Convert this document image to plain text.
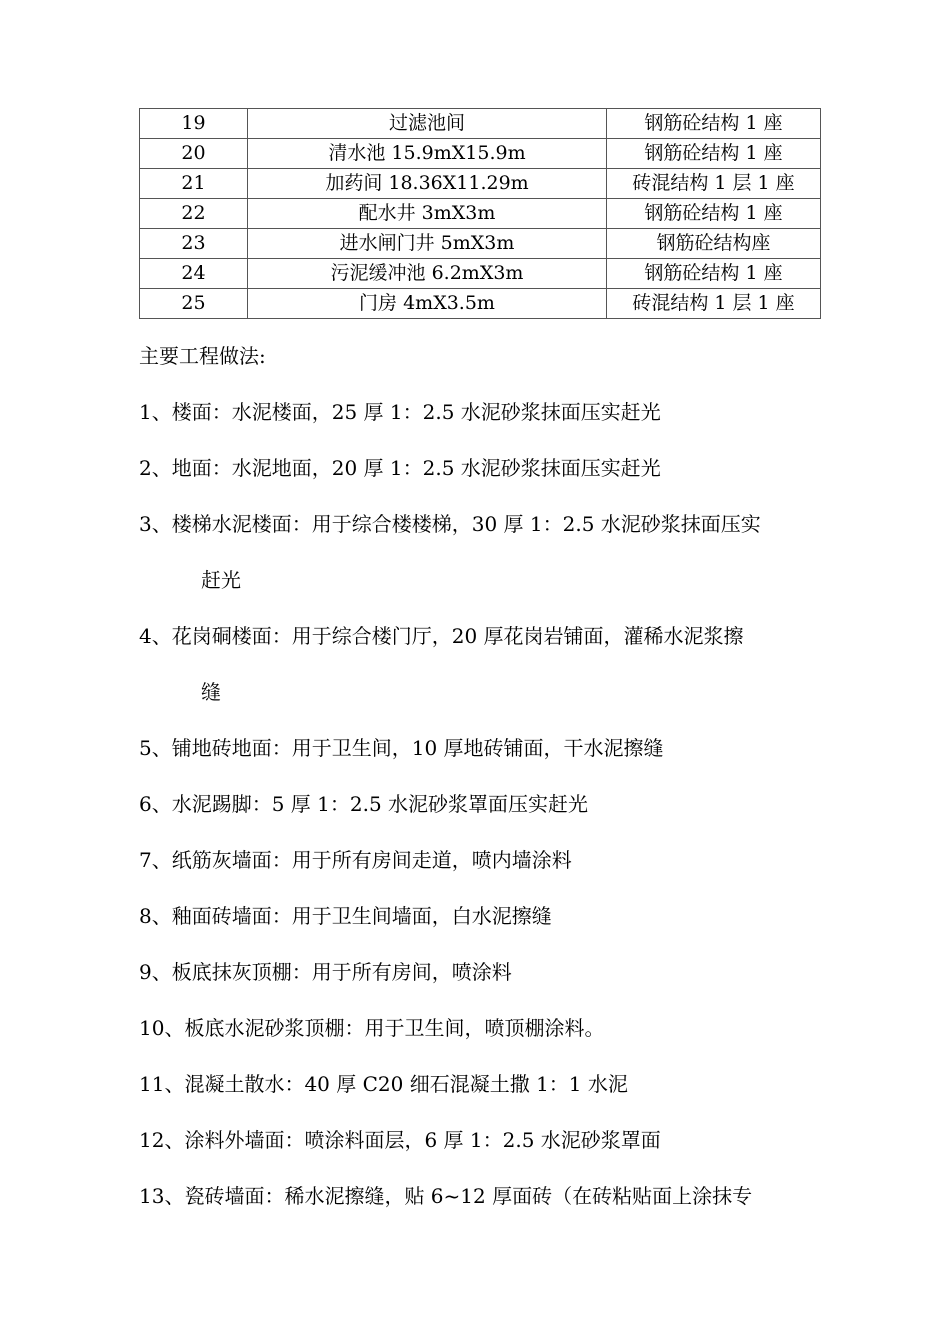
19	过滤池间	钢筋砼结构 1 座
20	清水池 15.9mX15.9m	钢筋砼结构 1 座
21	加药间 18.36X11.29m	砖混结构 1 层 1 座
22	配水井 3mX3m	钢筋砼结构 1 座
23	进水闸门井 5mX3m	钢筋砼结构座
24	污泥缓冲池 6.2mX3m	钢筋砼结构 1 座
25	门房 4mX3.5m	砖混结构 1 层 1 座
主要工程做法:
1、楼面：水泥楼面，25 厚 1：2.5 水泥砂浆抹面压实赶光
2、地面：水泥地面，20 厚 1：2.5 水泥砂浆抹面压实赶光
3、楼梯水泥楼面：用于综合楼楼梯，30 厚 1：2.5 水泥砂浆抹面压实
赶光
4、花岗硐楼面：用于综合楼门厅，20 厚花岗岩铺面，灌稀水泥浆擦
缝
5、铺地砖地面：用于卫生间，10 厚地砖铺面，干水泥擦缝
6、水泥踢脚：5 厚 1：2.5 水泥砂浆罩面压实赶光
7、纸筋灰墙面：用于所有房间走道，喷内墙涂料
8、釉面砖墙面：用于卫生间墙面，白水泥擦缝
9、板底抹灰顶棚：用于所有房间，喷涂料
10、板底水泥砂浆顶棚：用于卫生间，喷顶棚涂料。
11、混凝土散水：40 厚 C20 细石混凝土撒 1：1 水泥
12、涂料外墙面：喷涂料面层，6 厚 1：2.5 水泥砂浆罩面
13、瓷砖墙面：稀水泥擦缝，贴 6~12 厚面砖（在砖粘贴面上涂抹专
